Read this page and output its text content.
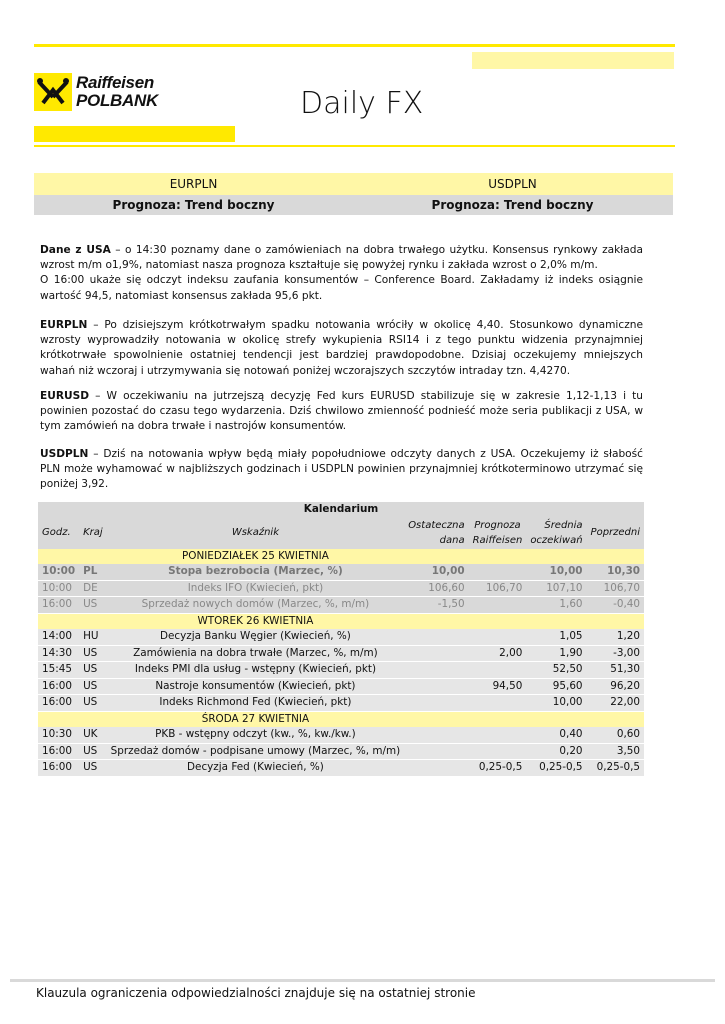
Raiffeisen
POLBANK	Daily FX
EURPLN	USDPLN
Prognoza: Trend boczny	Prognoza: Trend boczny
Dane z USA – o 14:30 poznamy dane o zamówieniach na dobra trwałego użytku. Konsensus rynkowy zakłada wzrost m/m o1,9%, natomiast nasza prognoza kształtuje się powyżej rynku i zakłada wzrost o 2,0% m/m.
O 16:00 ukaże się odczyt indeksu zaufania konsumentów – Conference Board. Zakładamy iż indeks osiągnie wartość 94,5, natomiast konsensus zakłada 95,6 pkt.
EURPLN – Po dzisiejszym krótkotrwałym spadku notowania wróciły w okolicę 4,40. Stosunkowo dynamiczne wzrosty wyprowadziły notowania w okolicę strefy wykupienia RSI14 i z tego punktu widzenia przynajmniej krótkotrwałe spowolnienie ostatniej tendencji jest bardziej prawdopodobne. Dzisiaj oczekujemy mniejszych wahań niż wczoraj i utrzymywania się notowań poniżej wczorajszych szczytów intraday tzn. 4,4270.
EURUSD – W oczekiwaniu na jutrzejszą decyzję Fed kurs EURUSD stabilizuje się w zakresie 1,12-1,13 i tu powinien pozostać do czasu tego wydarzenia. Dziś chwilowo zmienność podnieść może seria publikacji z USA, w tym zamówień na dobra trwałe i nastrojów konsumentów.
USDPLN – Dziś na notowania wpływ będą miały popołudniowe odczyty danych z USA. Oczekujemy iż słabość PLN może wyhamować w najbliższych godzinach i USDPLN powinien przynajmniej krótkoterminowo utrzymać się poniżej 3,92.
Kalendarium						
Godz.	Kraj	Wskaźnik	Ostateczna dana	Prognoza Raiffeisen	Średnia oczekiwań	Poprzedni
		PONIEDZIAŁEK 25 KWIETNIA				
10:00	PL	Stopa bezrobocia (Marzec, %)	10,00		10,00	10,30
10:00	DE	Indeks IFO (Kwiecień, pkt)	106,60	106,70	107,10	106,70
16:00	US	Sprzedaż nowych domów (Marzec, %, m/m)	-1,50		1,60	-0,40
		WTOREK 26 KWIETNIA				
14:00	HU	Decyzja Banku Węgier (Kwiecień, %)			1,05	1,20
14:30	US	Zamówienia na dobra trwałe (Marzec, %, m/m)		2,00	1,90	-3,00
15:45	US	Indeks PMI dla usług - wstępny (Kwiecień, pkt)			52,50	51,30
16:00	US	Nastroje konsumentów (Kwiecień, pkt)		94,50	95,60	96,20
16:00	US	Indeks Richmond Fed (Kwiecień, pkt)			10,00	22,00
		ŚRODA 27 KWIETNIA				
10:30	UK	PKB - wstępny odczyt (kw., %, kw./kw.)			0,40	0,60
16:00	US	Sprzedaż domów - podpisane umowy (Marzec, %, m/m)			0,20	3,50
16:00	US	Decyzja Fed (Kwiecień, %)		0,25-0,5	0,25-0,5	0,25-0,5
Klauzula ograniczenia odpowiedzialności znajduje się na ostatniej stronie
